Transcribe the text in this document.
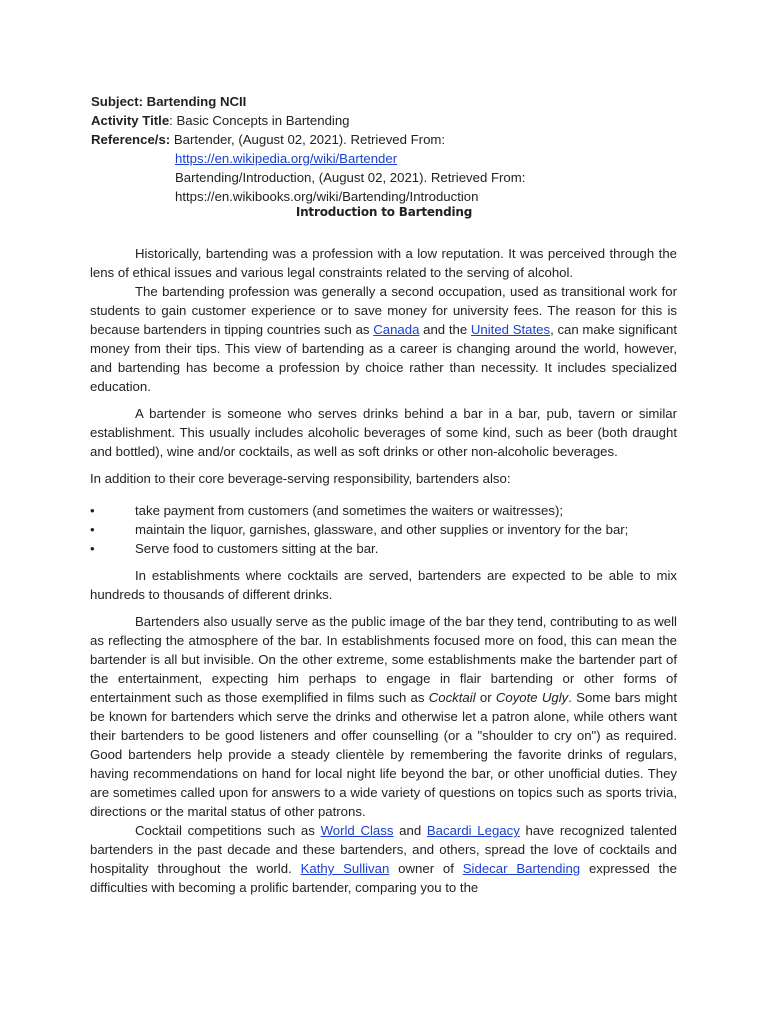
Subject: Bartending NCII
Activity Title: Basic Concepts in Bartending
Reference/s: Bartender, (August 02, 2021). Retrieved From:
https://en.wikipedia.org/wiki/Bartender
Bartending/Introduction, (August 02, 2021). Retrieved From:
https://en.wikibooks.org/wiki/Bartending/Introduction
Introduction to Bartending

Historically, bartending was a profession with a low reputation. It was perceived through the lens of ethical issues and various legal constraints related to the serving of alcohol.

The bartending profession was generally a second occupation, used as transitional work for students to gain customer experience or to save money for university fees. The reason for this is because bartenders in tipping countries such as Canada and the United States, can make significant money from their tips. This view of bartending as a career is changing around the world, however, and bartending has become a profession by choice rather than necessity. It includes specialized education.

A bartender is someone who serves drinks behind a bar in a bar, pub, tavern or similar establishment. This usually includes alcoholic beverages of some kind, such as beer (both draught and bottled), wine and/or cocktails, as well as soft drinks or other non-alcoholic beverages.

In addition to their core beverage-serving responsibility, bartenders also:

•	take payment from customers (and sometimes the waiters or waitresses);
•	maintain the liquor, garnishes, glassware, and other supplies or inventory for the bar;
•	Serve food to customers sitting at the bar.

In establishments where cocktails are served, bartenders are expected to be able to mix hundreds to thousands of different drinks.

Bartenders also usually serve as the public image of the bar they tend, contributing to as well as reflecting the atmosphere of the bar. In establishments focused more on food, this can mean the bartender is all but invisible. On the other extreme, some establishments make the bartender part of the entertainment, expecting him perhaps to engage in flair bartending or other forms of entertainment such as those exemplified in films such as Cocktail or Coyote Ugly. Some bars might be known for bartenders which serve the drinks and otherwise let a patron alone, while others want their bartenders to be good listeners and offer counselling (or a "shoulder to cry on") as required. Good bartenders help provide a steady clientèle by remembering the favorite drinks of regulars, having recommendations on hand for local night life beyond the bar, or other unofficial duties. They are sometimes called upon for answers to a wide variety of questions on topics such as sports trivia, directions or the marital status of other patrons.

Cocktail competitions such as World Class and Bacardi Legacy have recognized talented bartenders in the past decade and these bartenders, and others, spread the love of cocktails and hospitality throughout the world. Kathy Sullivan owner of Sidecar Bartending expressed the difficulties with becoming a prolific bartender, comparing you to the
